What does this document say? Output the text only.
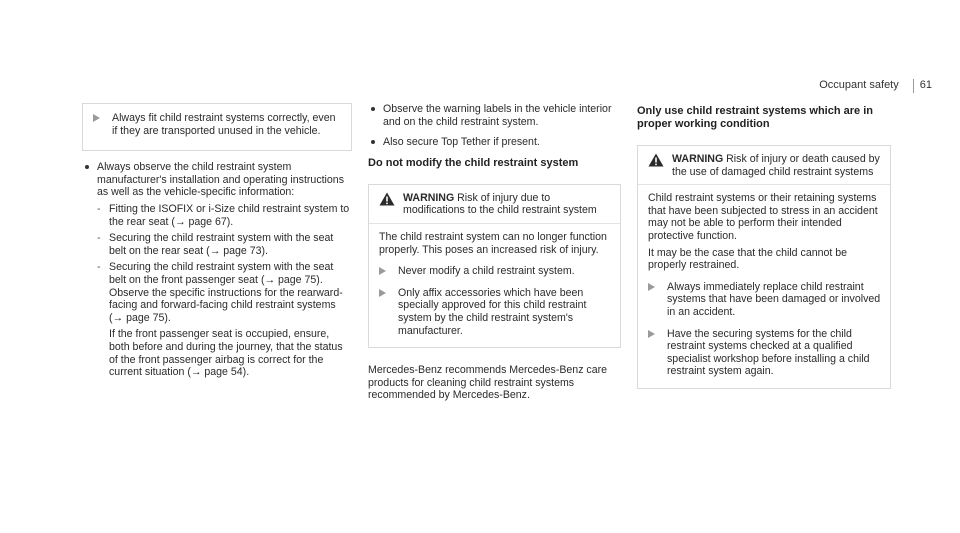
Occupant safety 61
Always fit child restraint systems correctly, even if they are transported unused in the vehicle.
Always observe the child restraint system manufacturer's installation and operating instructions as well as the vehicle-specific information:
- Fitting the ISOFIX or i-Size child restraint system to the rear seat (→ page 67).
- Securing the child restraint system with the seat belt on the rear seat (→ page 73).
- Securing the child restraint system with the seat belt on the front passenger seat (→ page 75). Observe the specific instructions for the rearward-facing and forward-facing child restraint systems (→ page 75).
If the front passenger seat is occupied, ensure, both before and during the journey, that the status of the front passenger airbag is correct for the current situation (→ page 54).
Observe the warning labels in the vehicle interior and on the child restraint system.
Also secure Top Tether if present.
Do not modify the child restraint system
WARNING Risk of injury due to modifications to the child restraint system

The child restraint system can no longer function properly. This poses an increased risk of injury.

Never modify a child restraint system.
Only affix accessories which have been specially approved for this child restraint system by the child restraint system's manufacturer.

Mercedes-Benz recommends Mercedes-Benz care products for cleaning child restraint systems recommended by Mercedes-Benz.

Only use child restraint systems which are in proper working condition
WARNING Risk of injury or death caused by the use of damaged child restraint systems

Child restraint systems or their retaining systems that have been subjected to stress in an accident may not be able to perform their intended protective function.

It may be the case that the child cannot be properly restrained.

Always immediately replace child restraint systems that have been damaged or involved in an accident.
Have the securing systems for the child restraint systems checked at a qualified specialist workshop before installing a child restraint system again.
